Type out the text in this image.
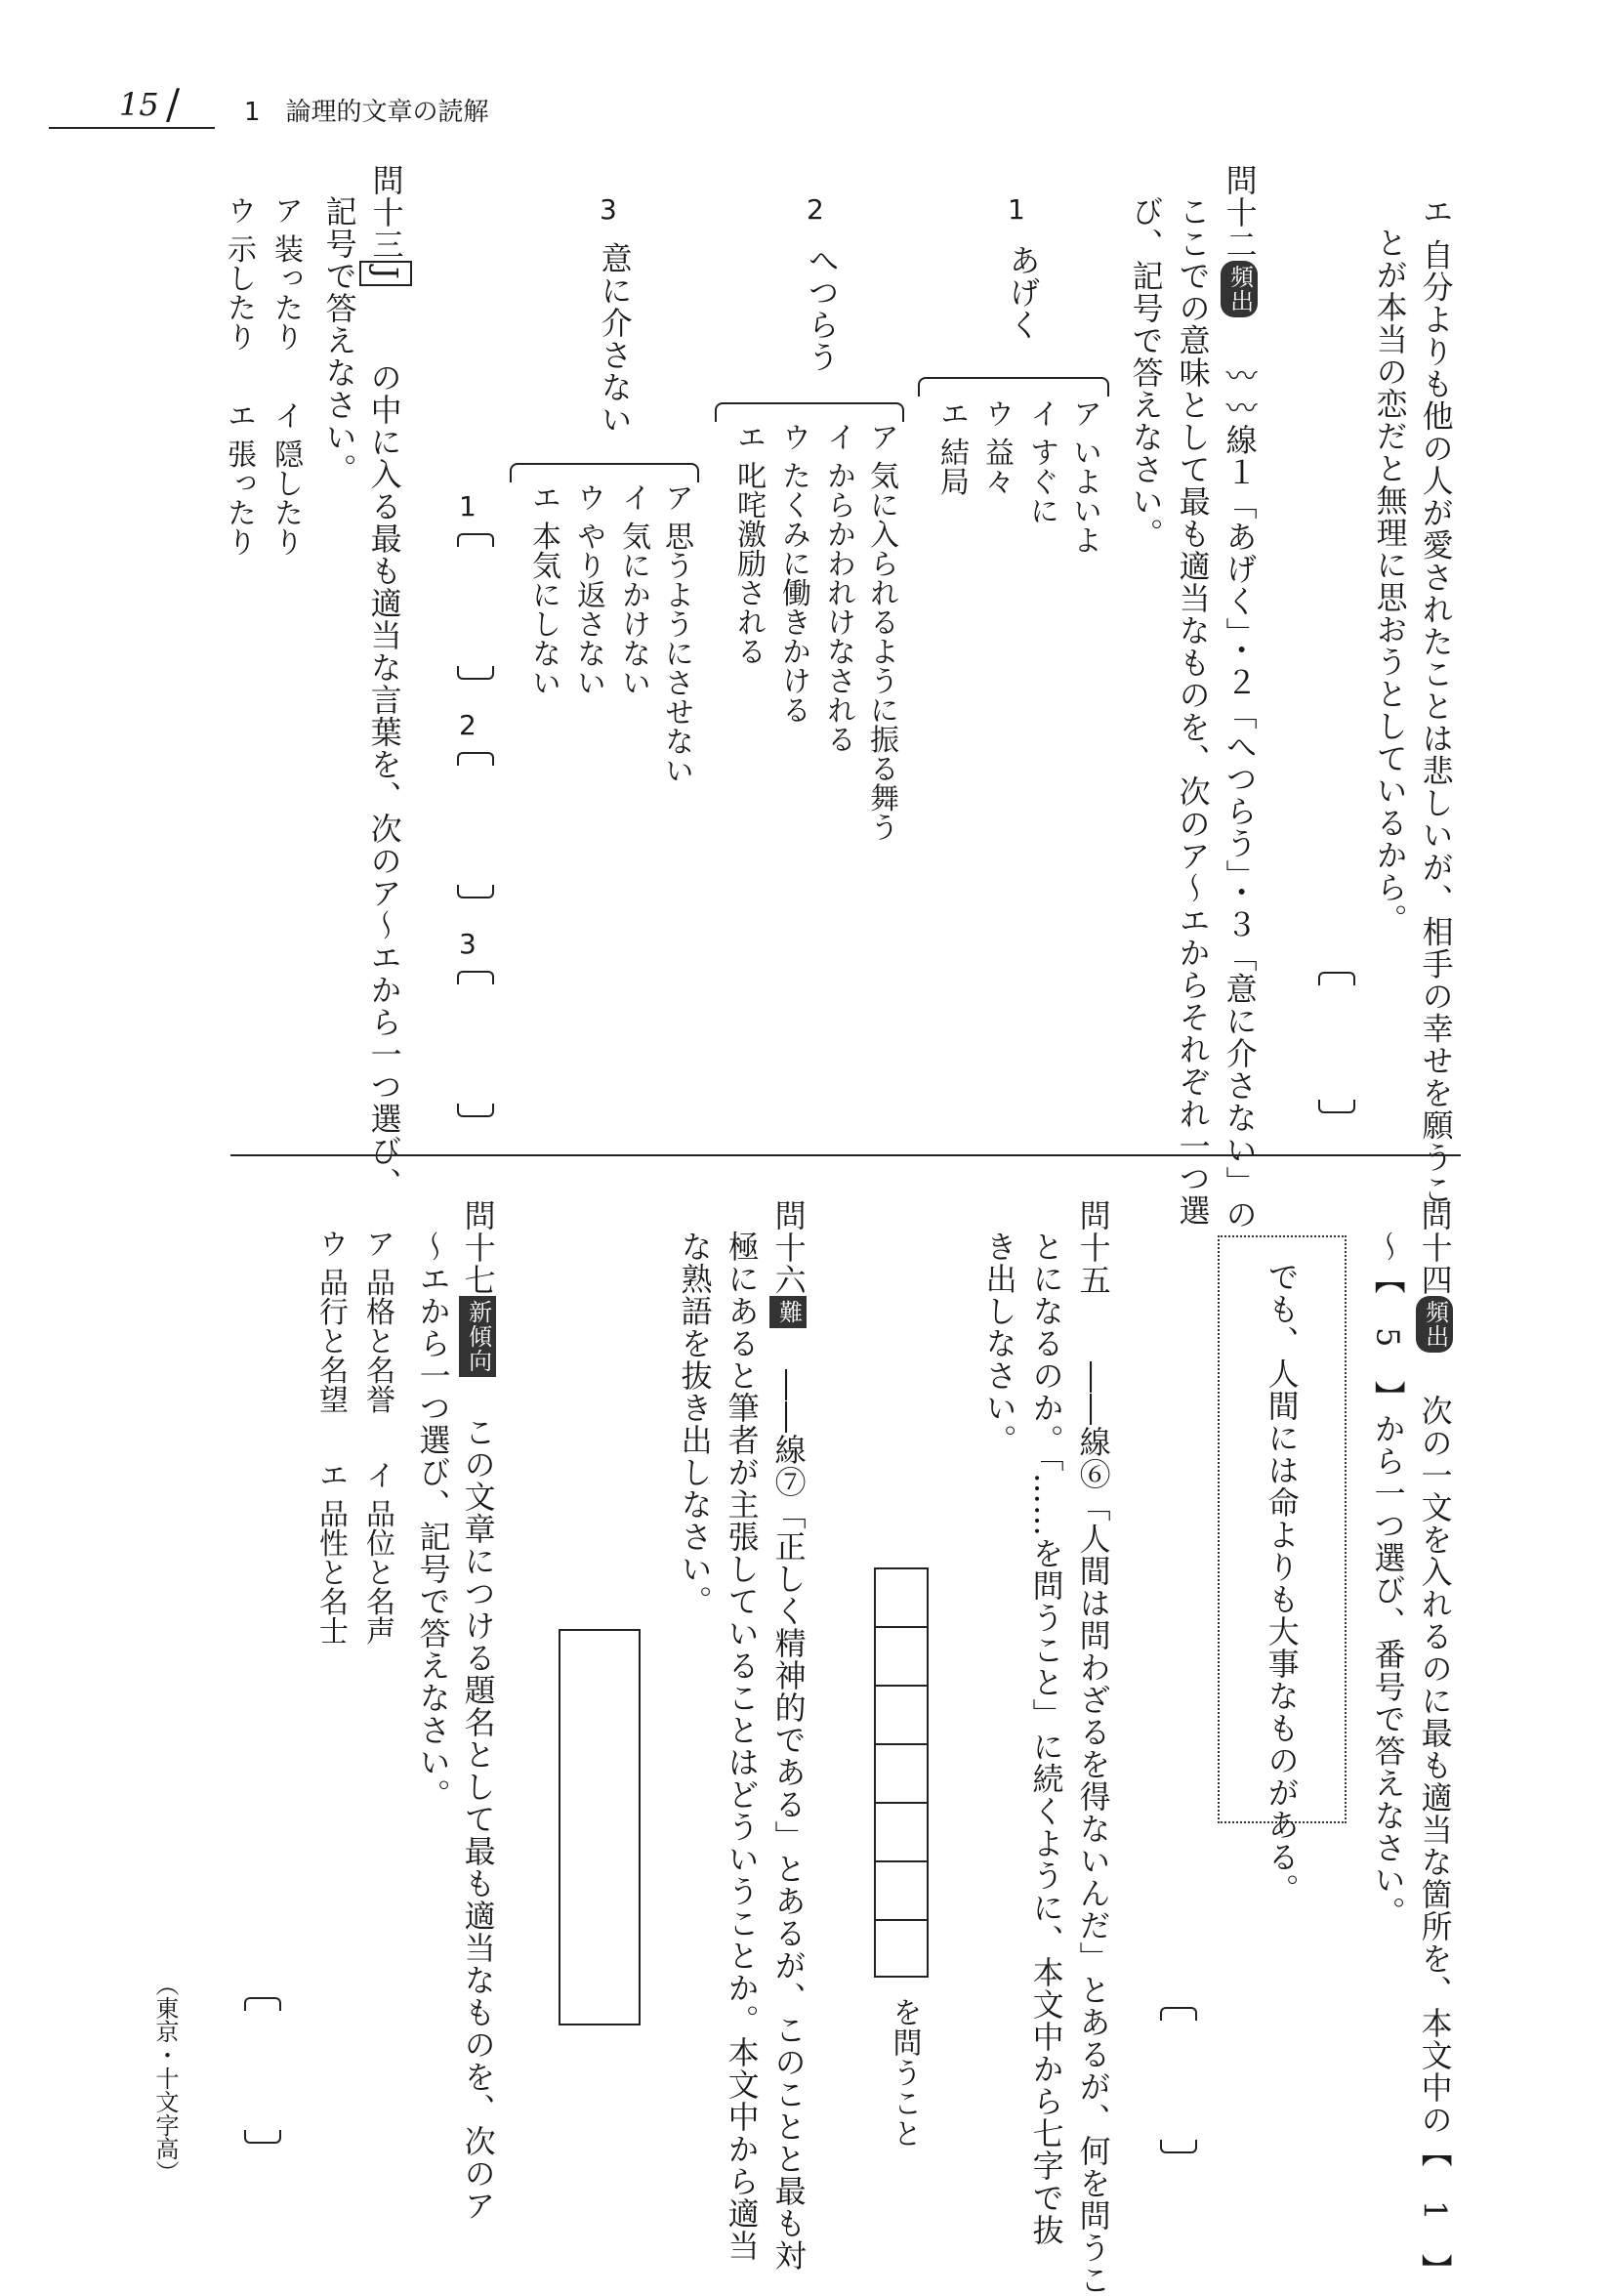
15 /	1　論理的文章の読解
エ 自分よりも他の人が愛されたことは悲しいが、相手の幸せを願うこ
とが本当の恋だと無理に思おうとしているから。
問十二頻出
〰〰線１「あげく」・２「へつらう」・３「意に介さない」の
ここでの意味として最も適当なものを、次のア〜エからそれぞれ一つ選
び、記号で答えなさい。
1
あげく
ア いよいよ
イ すぐに
ウ 益々
エ 結局
2
へつらう
ア 気に入られるように振る舞う
イ からかわれけなされる
ウ たくみに働きかける
エ 叱咤激励される
3
意に介さない
ア 思うようにさせない
イ 気にかけない
ウ やり返さない
エ 本気にしない
1
2
3
問十三J
の中に入る最も適当な言葉を、次のア〜エから一つ選び、
記号で答えなさい。
ア 装ったり
イ 隠したり
ウ 示したり
エ 張ったり
問十四頻出
次の一文を入れるのに最も適当な箇所を、本文中の【　1　】
〜【　5　】から一つ選び、番号で答えなさい。
でも、人間には命よりも大事なものがある。
問十五
――線⑥「人間は問わざるを得ないんだ」とあるが、何を問うこ
とになるのか。「……を問うこと」に続くように、本文中から七字で抜
き出しなさい。
を問うこと
問十六難
――線⑦「正しく精神的である」とあるが、このことと最も対
極にあると筆者が主張していることはどういうことか。本文中から適当
な熟語を抜き出しなさい。
問十七新傾向
この文章につける題名として最も適当なものを、次のア
〜エから一つ選び、記号で答えなさい。
ア 品格と名誉
イ 品位と名声
ウ 品行と名望
エ 品性と名士
（東京・十文字高）
